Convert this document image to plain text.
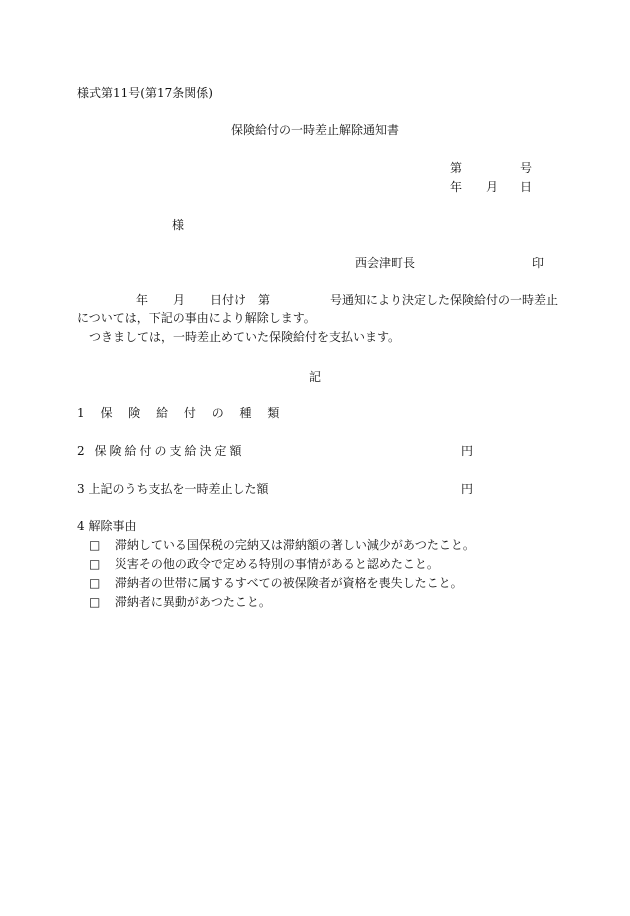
様式第11号(第17条関係)
保険給付の一時差止解除通知書
第	号
年 月 日
様
西会津町長	印
年 月 日付け 第	号通知により決定した保険給付の一時差止
については，下記の事由により解除します。
つきましては，一時差止めていた保険給付を支払います。
記
1 保 険 給 付 の 種 類
2 保険給付の支給決定額	円
3 上記のうち支払を一時差止した額	円
4 解除事由
□ 滞納している国保税の完納又は滞納額の著しい減少があつたこと。
□ 災害その他の政令で定める特別の事情があると認めたこと。
□ 滞納者の世帯に属するすべての被保険者が資格を喪失したこと。
□ 滞納者に異動があつたこと。
